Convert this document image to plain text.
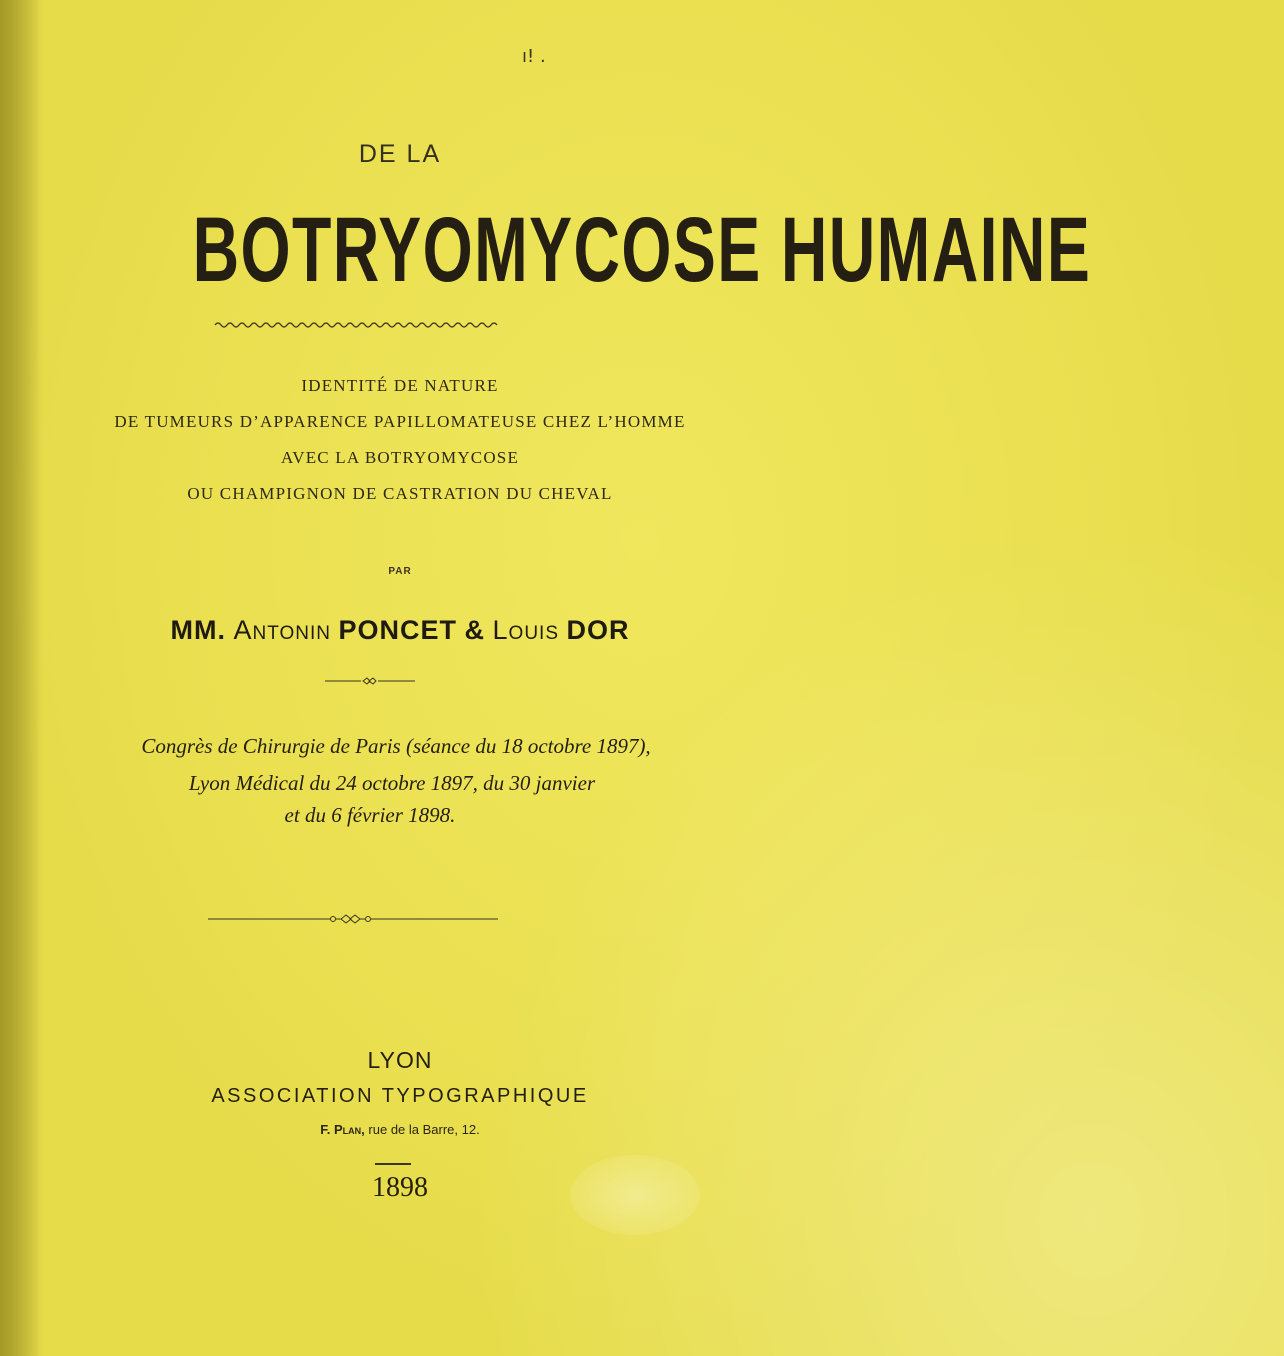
ı! .
DE LA
BOTRYOMYCOSE HUMAINE
IDENTITÉ DE NATURE
DE TUMEURS D’APPARENCE PAPILLOMATEUSE CHEZ L’HOMME
AVEC LA BOTRYOMYCOSE
OU CHAMPIGNON DE CASTRATION DU CHEVAL
PAR
MM. Antonin PONCET & Louis DOR
Congrès de Chirurgie de Paris (séance du 18 octobre 1897),
Lyon Médical du 24 octobre 1897, du 30 janvier
et du 6 février 1898.
LYON
ASSOCIATION TYPOGRAPHIQUE
F. Plan, rue de la Barre, 12.
1898
